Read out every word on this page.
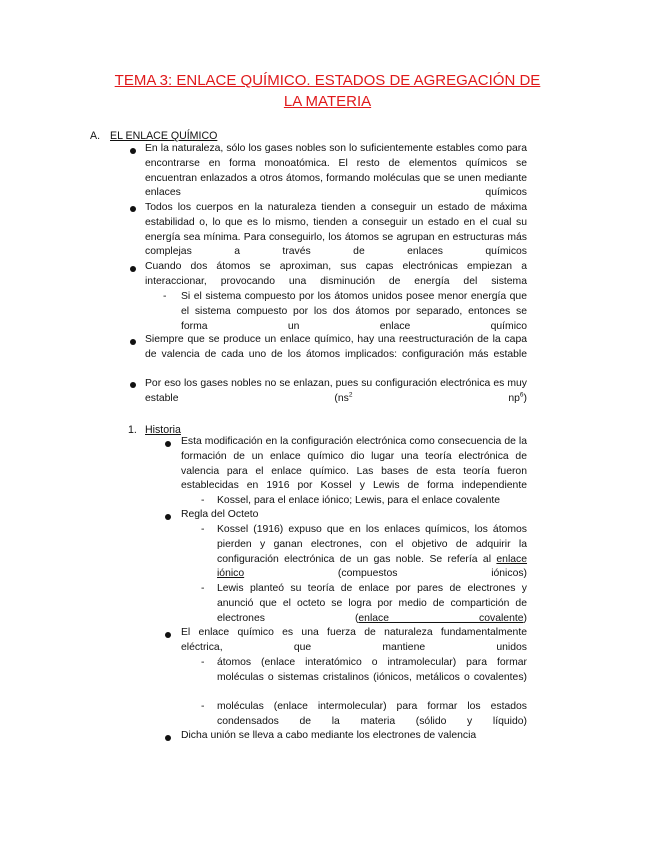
TEMA 3: ENLACE QUÍMICO. ESTADOS DE AGREGACIÓN DE
LA MATERIA
A. EL ENLACE QUÍMICO
En la naturaleza, sólo los gases nobles son lo suficientemente estables como para encontrarse en forma monoatómica. El resto de elementos químicos se encuentran enlazados a otros átomos, formando moléculas que se unen mediante enlaces químicos
Todos los cuerpos en la naturaleza tienden a conseguir un estado de máxima estabilidad o, lo que es lo mismo, tienden a conseguir un estado en el cual su energía sea mínima. Para conseguirlo, los átomos se agrupan en estructuras más complejas a través de enlaces químicos
Cuando dos átomos se aproximan, sus capas electrónicas empiezan a interaccionar, provocando una disminución de energía del sistema
- Si el sistema compuesto por los átomos unidos posee menor energía que el sistema compuesto por los dos átomos por separado, entonces se forma un enlace químico
Siempre que se produce un enlace químico, hay una reestructuración de la capa de valencia de cada uno de los átomos implicados: configuración más estable
Por eso los gases nobles no se enlazan, pues su configuración electrónica es muy estable ($ns^2$ $np^6$)
1. Historia
Esta modificación en la configuración electrónica como consecuencia de la formación de un enlace químico dio lugar una teoría electrónica de valencia para el enlace químico. Las bases de esta teoría fueron establecidas en 1916 por Kossel y Lewis de forma independiente
- Kossel, para el enlace iónico; Lewis, para el enlace covalente
Regla del Octeto
- Kossel (1916) expuso que en los enlaces químicos, los átomos pierden y ganan electrones, con el objetivo de adquirir la configuración electrónica de un gas noble. Se refería al enlace iónico (compuestos iónicos)
- Lewis planteó su teoría de enlace por pares de electrones y anunció que el octeto se logra por medio de compartición de electrones (enlace covalente)
El enlace químico es una fuerza de naturaleza fundamentalmente eléctrica, que mantiene unidos
- átomos (enlace interatómico o intramolecular) para formar moléculas o sistemas cristalinos (iónicos, metálicos o covalentes)
- moléculas (enlace intermolecular) para formar los estados condensados de la materia (sólido y líquido)
Dicha unión se lleva a cabo mediante los electrones de valencia
